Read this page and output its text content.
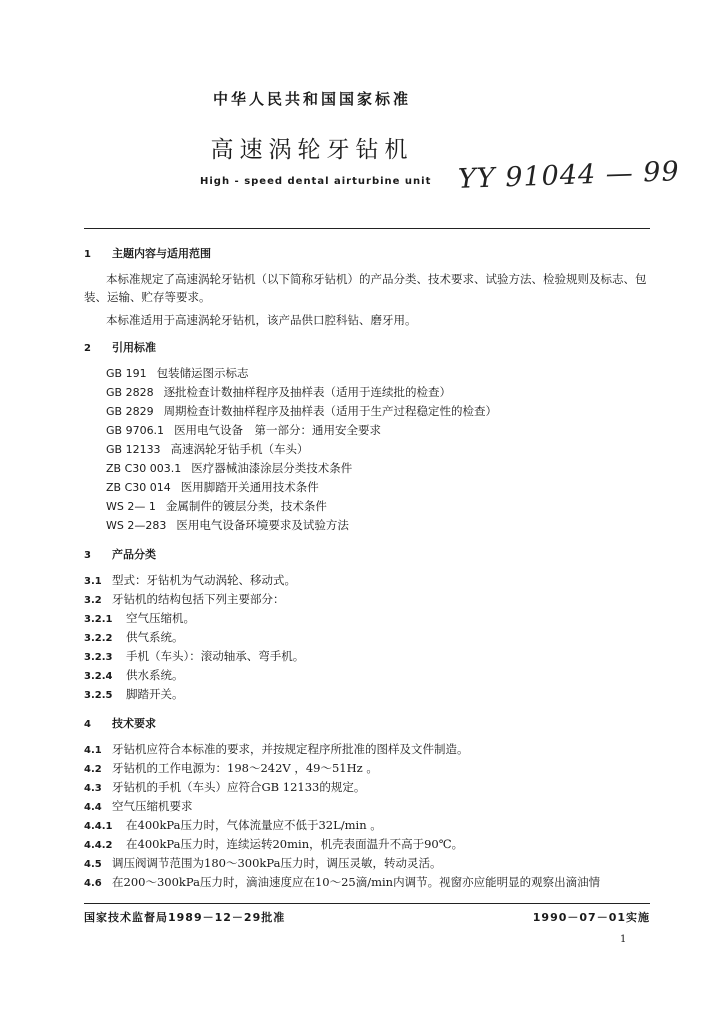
中华人民共和国国家标准
高速涡轮牙钻机
High - speed dental airturbine unit YY 91044 — 99
1 主题内容与适用范围
本标准规定了高速涡轮牙钻机（以下简称牙钻机）的产品分类、技术要求、试验方法、检验规则及标志、包装、运输、贮存等要求。
本标准适用于高速涡轮牙钻机，该产品供口腔科钻、磨牙用。
2 引用标准
GB 191 包装储运图示标志
GB 2828 逐批检查计数抽样程序及抽样表（适用于连续批的检查）
GB 2829 周期检查计数抽样程序及抽样表（适用于生产过程稳定性的检查）
GB 9706.1 医用电气设备　第一部分：通用安全要求
GB 12133 高速涡轮牙钻手机（车头）
ZB C30 003.1 医疗器械油漆涂层分类技术条件
ZB C30 014 医用脚踏开关通用技术条件
WS 2— 1 金属制件的镀层分类，技术条件
WS 2—283 医用电气设备环境要求及试验方法
3 产品分类
3.1 型式：牙钻机为气动涡轮、移动式。
3.2 牙钻机的结构包括下列主要部分：
3.2.1 空气压缩机。
3.2.2 供气系统。
3.2.3 手机（车头）：滚动轴承、弯手机。
3.2.4 供水系统。
3.2.5 脚踏开关。
4 技术要求
4.1 牙钻机应符合本标准的要求，并按规定程序所批准的图样及文件制造。
4.2 牙钻机的工作电源为：198～242V ，49～51Hz 。
4.3 牙钻机的手机（车头）应符合GB 12133的规定。
4.4 空气压缩机要求
4.4.1 在400kPa压力时，气体流量应不低于32L/min 。
4.4.2 在400kPa压力时，连续运转20min，机壳表面温升不高于90℃。
4.5 调压阀调节范围为180～300kPa压力时，调压灵敏，转动灵活。
4.6 在200～300kPa压力时，滴油速度应在10～25滴/min内调节。视窗亦应能明显的观察出滴油情
国家技术监督局1989－12－29批准	1990－07－01实施
1
